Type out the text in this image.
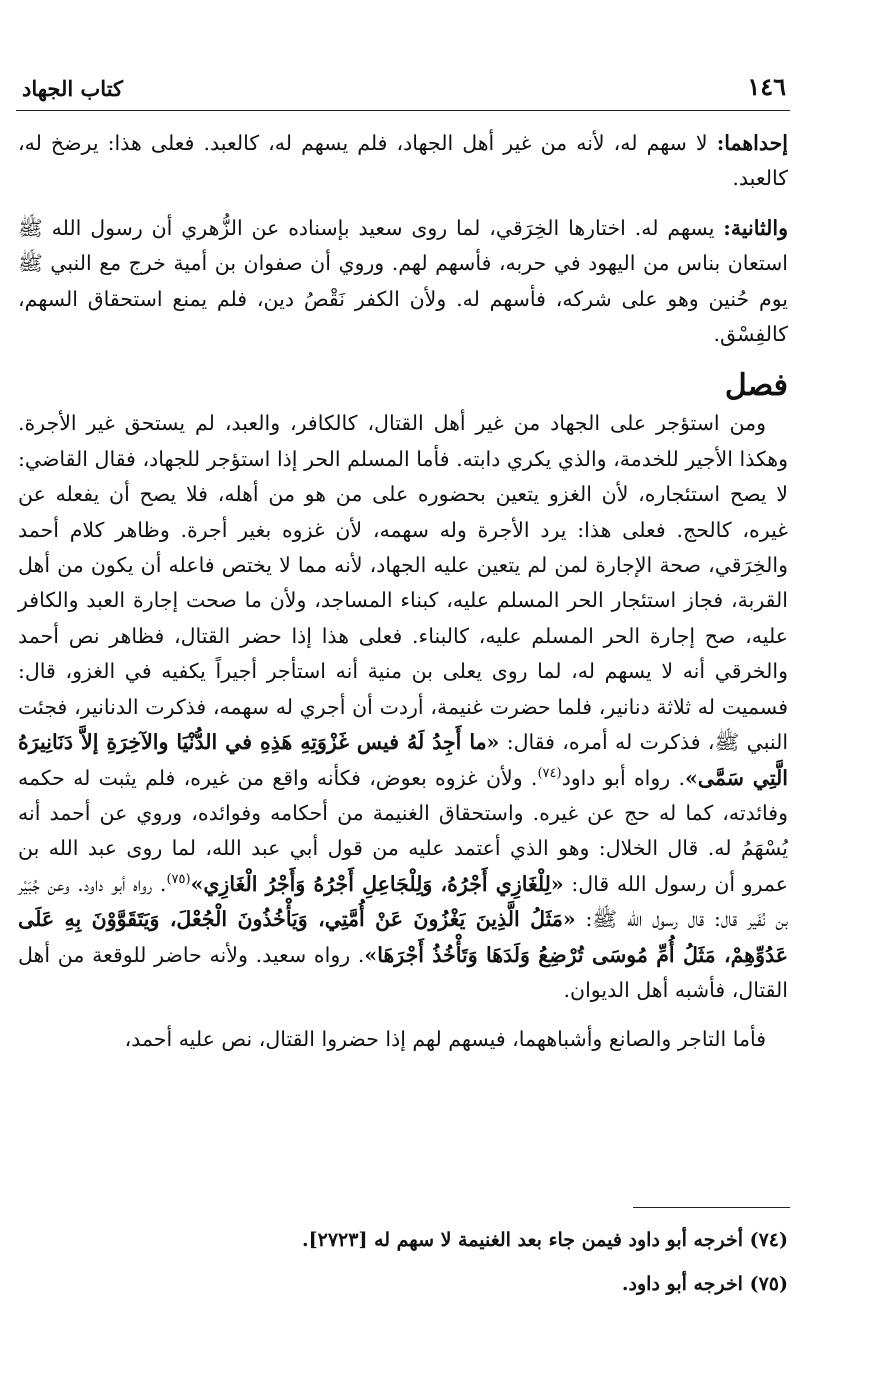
١٤٦
كتاب الجهاد

إحداهما: لا سهم له، لأنه من غير أهل الجهاد، فلم يسهم له، كالعبد. فعلى هذا: يرضخ له، كالعبد.

والثانية: يسهم له. اختارها الخِرَقي، لما روى سعيد بإسناده عن الزُّهري أن رسول الله ﷺ استعان بناس من اليهود في حربه، فأسهم لهم. وروي أن صفوان بن أمية خرج مع النبي ﷺ يوم حُنين وهو على شركه، فأسهم له. ولأن الكفر نَقْصُ دين، فلم يمنع استحقاق السهم، كالفِسْق.

فصل

ومن استؤجر على الجهاد من غير أهل القتال، كالكافر، والعبد، لم يستحق غير الأجرة. وهكذا الأجير للخدمة، والذي يكري دابته. فأما المسلم الحر إذا استؤجر للجهاد، فقال القاضي: لا يصح استئجاره، لأن الغزو يتعين بحضوره على من هو من أهله، فلا يصح أن يفعله عن غيره، كالحج. فعلى هذا: يرد الأجرة وله سهمه، لأن غزوه بغير أجرة. وظاهر كلام أحمد والخِرَقي، صحة الإجارة لمن لم يتعين عليه الجهاد، لأنه مما لا يختص فاعله أن يكون من أهل القربة، فجاز استئجار الحر المسلم عليه، كبناء المساجد، ولأن ما صحت إجارة العبد والكافر عليه، صح إجارة الحر المسلم عليه، كالبناء. فعلى هذا إذا حضر القتال، فظاهر نص أحمد والخرقي أنه لا يسهم له، لما روى يعلى بن منية أنه استأجر أجيراً يكفيه في الغزو، قال: فسميت له ثلاثة دنانير، فلما حضرت غنيمة، أردت أن أجري له سهمه، فذكرت الدنانير، فجئت النبي ﷺ، فذكرت له أمره، فقال: «ما أَجِدُ لَهُ فيس غَزْوَتِهِ هَذِهِ في الدُّنْيَا والآخِرَةِ إلاَّ دَنَانِيرَهُ الَّتِي سَمَّى». رواه أبو داود$^{(٧٤)}$. ولأن غزوه بعوض، فكأنه واقع من غيره، فلم يثبت له حكمه وفائدته، كما له حج عن غيره. واستحقاق الغنيمة من أحكامه وفوائده، وروي عن أحمد أنه يُسْهَمُ له. قال الخلال: وهو الذي أعتمد عليه من قول أبي عبد الله، لما روى عبد الله بن عمرو أن رسول الله قال: «لِلْغَازِي أَجْرُهُ، وَلِلْجَاعِلِ أَجْرُهُ وَأَجْرُ الْغَازِي»$^{(٧٥)}$. رواه أبو داود. وعن جُبَيْر بن نُفَير قال: قال رسول الله ﷺ: «مَثَلُ الَّذِينَ يَغْزُونَ عَنْ أُمَّتِي، وَيَأْخُذُونَ الْجُعْلَ، وَيَتَقَوَّوْنَ بِهِ عَلَى عَدُوِّهِمْ، مَثَلُ أُمِّ مُوسَى تُرْضِعُ وَلَدَهَا وَتَأْخُذُ أَجْرَهَا». رواه سعيد. ولأنه حاضر للوقعة من أهل القتال، فأشبه أهل الديوان.

فأما التاجر والصانع وأشباههما، فيسهم لهم إذا حضروا القتال، نص عليه أحمد،

(٧٤) أخرجه أبو داود فيمن جاء بعد الغنيمة لا سهم له [٢٧٢٣].
(٧٥) اخرجه أبو داود.
